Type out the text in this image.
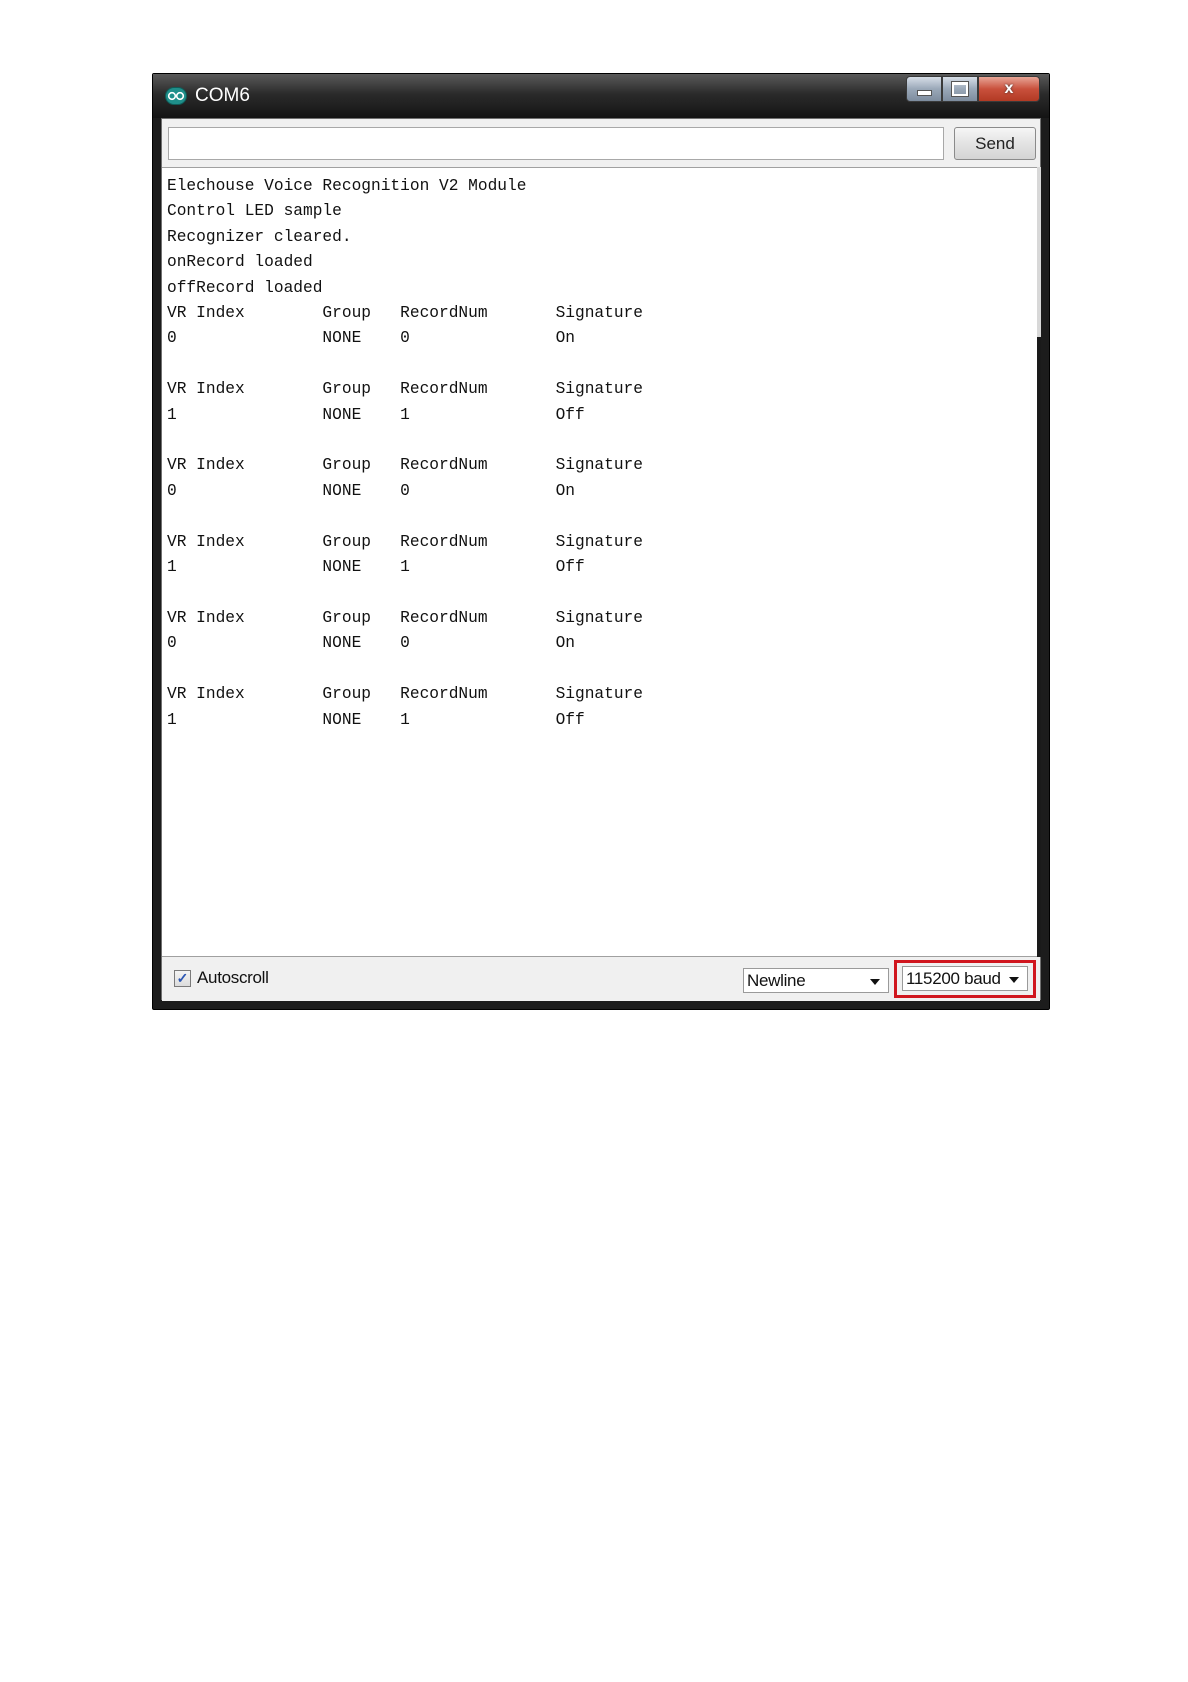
COM6	x
Send
Elechouse Voice Recognition V2 Module
Control LED sample
Recognizer cleared.
onRecord loaded
offRecord loaded
VR Index        Group   RecordNum       Signature
0               NONE    0               On

VR Index        Group   RecordNum       Signature
1               NONE    1               Off

VR Index        Group   RecordNum       Signature
0               NONE    0               On

VR Index        Group   RecordNum       Signature
1               NONE    1               Off

VR Index        Group   RecordNum       Signature
0               NONE    0               On

VR Index        Group   RecordNum       Signature
1               NONE    1               Off
✓ Autoscroll	Newline	115200 baud
